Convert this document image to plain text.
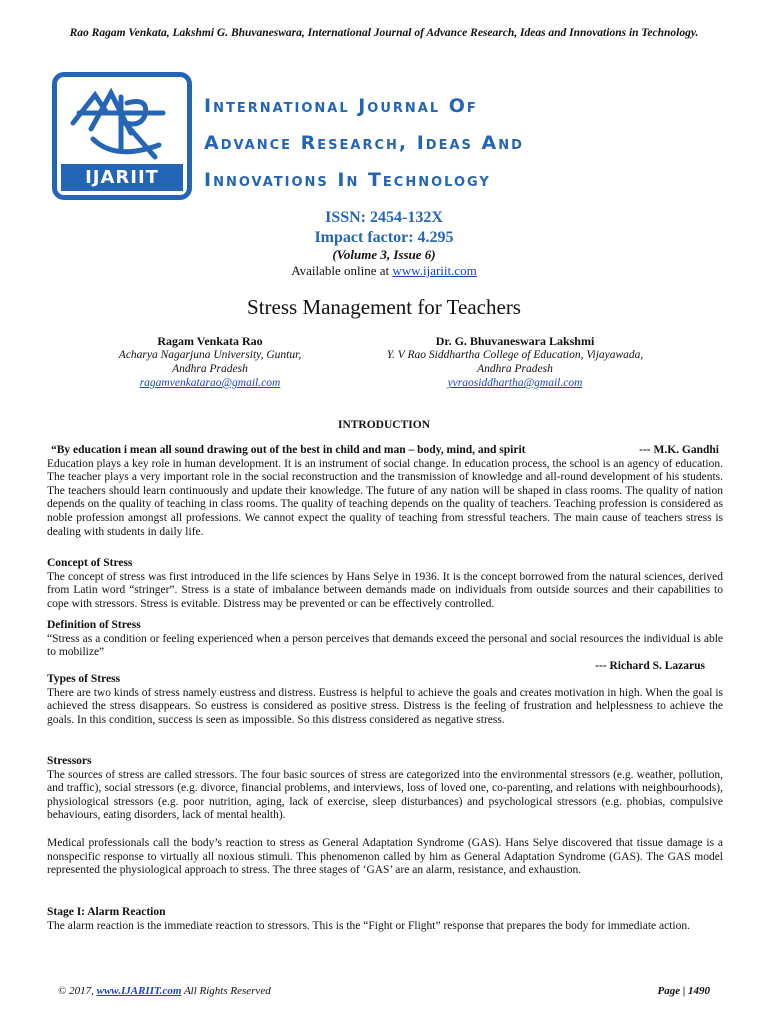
Rao Ragam Venkata, Lakshmi G. Bhuvaneswara, International Journal of Advance Research, Ideas and Innovations in Technology.
IJARIIT
International Journal Of
Advance Research, Ideas And
Innovations In Technology
ISSN: 2454-132X
Impact factor: 4.295
(Volume 3, Issue 6)
Available online at www.ijariit.com
Stress Management for Teachers
Ragam Venkata Rao
Acharya Nagarjuna University, Guntur,
Andhra Pradesh
ragamvenkatarao@gmail.com
Dr. G. Bhuvaneswara Lakshmi
Y. V Rao Siddhartha College of Education, Vijayawada,
Andhra Pradesh
yvraosiddhartha@gmail.com
INTRODUCTION
“By education i mean all sound drawing out of the best in child and man – body, mind, and spirit	--- M.K. Gandhi

Education plays a key role in human development. It is an instrument of social change. In education process, the school is an agency of education. The teacher plays a very important role in the social reconstruction and the transmission of knowledge and all-round development of his students. The teachers should learn continuously and update their knowledge. The future of any nation will be shaped in class rooms. The quality of nation depends on the quality of teaching in class rooms. The quality of teaching depends on the quality of teachers. Teaching profession is considered as noble profession amongst all professions. We cannot expect the quality of teaching from stressful teachers. The main cause of teachers stress is dealing with students in daily life.

Concept of Stress

The concept of stress was first introduced in the life sciences by Hans Selye in 1936. It is the concept borrowed from the natural sciences, derived from Latin word “stringer”. Stress is a state of imbalance between demands made on individuals from outside sources and their capabilities to cope with stressors. Stress is evitable. Distress may be prevented or can be effectively controlled.

Definition of Stress

“Stress as a condition or feeling experienced when a person perceives that demands exceed the personal and social resources the individual is able to mobilize”

--- Richard S. Lazarus
Types of Stress

There are two kinds of stress namely eustress and distress. Eustress is helpful to achieve the goals and creates motivation in high. When the goal is achieved the stress disappears. So eustress is considered as positive stress. Distress is the feeling of frustration and helplessness to achieve the goals. In this condition, success is seen as impossible. So this distress considered as negative stress.

Stressors

The sources of stress are called stressors. The four basic sources of stress are categorized into the environmental stressors (e.g. weather, pollution, and traffic), social stressors (e.g. divorce, financial problems, and interviews, loss of loved one, co-parenting, and relations with neighbourhoods), physiological stressors (e.g. poor nutrition, aging, lack of exercise, sleep disturbances) and psychological stressors (e.g. phobias, compulsive behaviours, eating disorders, lack of mental health).

Medical professionals call the body’s reaction to stress as General Adaptation Syndrome (GAS). Hans Selye discovered that tissue damage is a nonspecific response to virtually all noxious stimuli. This phenomenon called by him as General Adaptation Syndrome (GAS). The GAS model represented the physiological approach to stress. The three stages of ‘GAS’ are an alarm, resistance, and exhaustion.

Stage I: Alarm Reaction

The alarm reaction is the immediate reaction to stressors. This is the “Fight or Flight” response that prepares the body for immediate action.

© 2017, www.IJARIIT.com All Rights Reserved	Page | 1490
